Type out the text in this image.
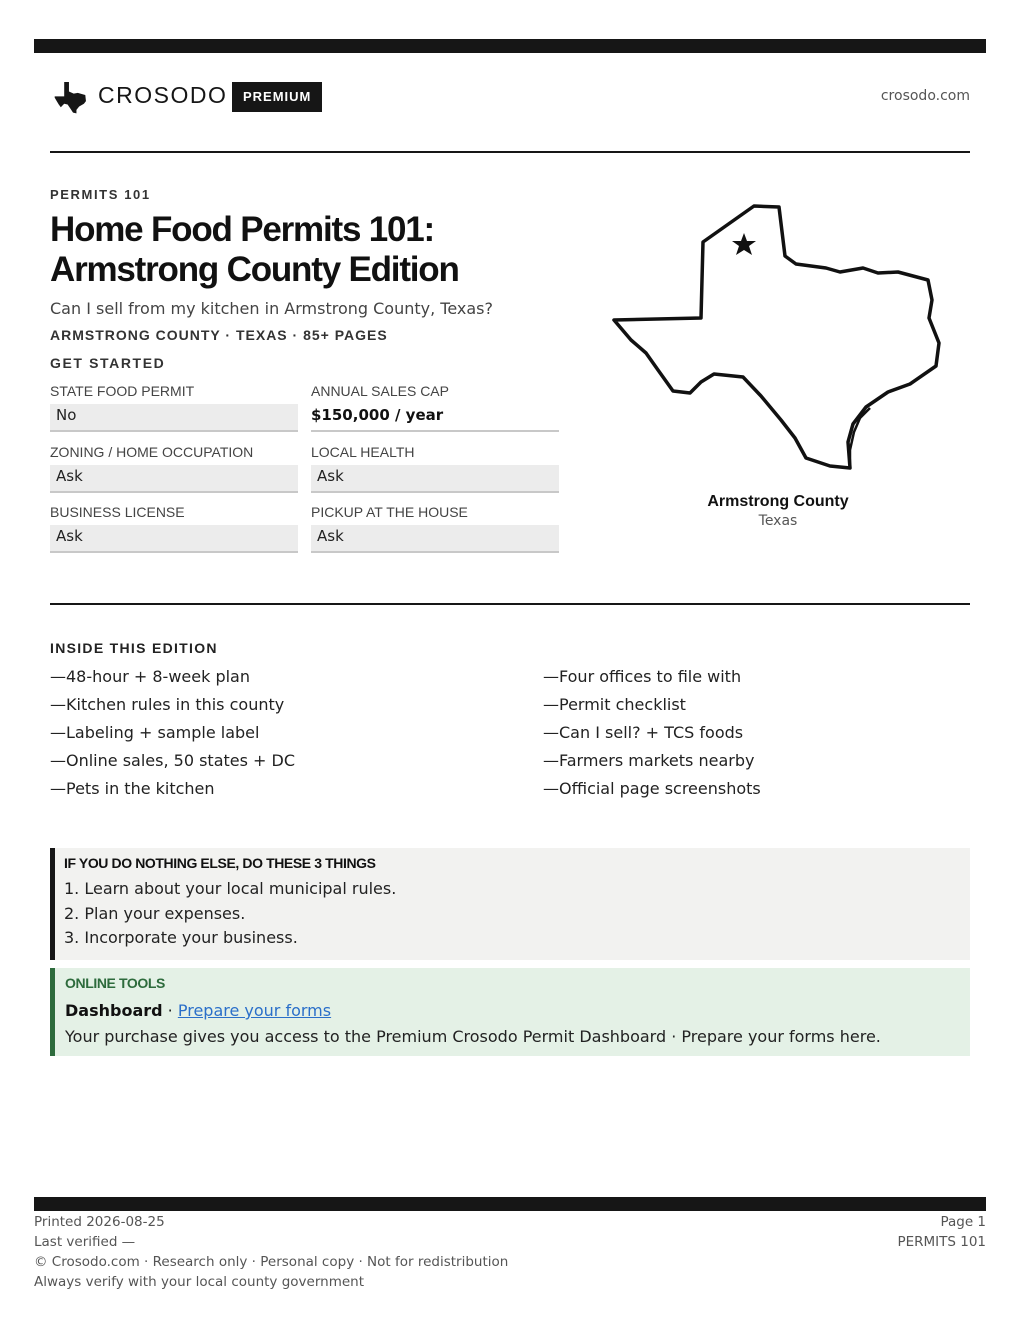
CROSODO	PREMIUM	crosodo.com
PERMITS 101
Home Food Permits 101:
Armstrong County Edition
Can I sell from my kitchen in Armstrong County, Texas?
ARMSTRONG COUNTY · TEXAS · 85+ PAGES
GET STARTED
STATE FOOD PERMIT
No
ANNUAL SALES CAP
$150,000 / year
ZONING / HOME OCCUPATION
Ask
LOCAL HEALTH
Ask
BUSINESS LICENSE
Ask
PICKUP AT THE HOUSE
Ask
Armstrong County
Texas
INSIDE THIS EDITION
—48-hour + 8-week plan
—Kitchen rules in this county
—Labeling + sample label
—Online sales, 50 states + DC
—Pets in the kitchen
—Four offices to file with
—Permit checklist
—Can I sell? + TCS foods
—Farmers markets nearby
—Official page screenshots
IF YOU DO NOTHING ELSE, DO THESE 3 THINGS
1. Learn about your local municipal rules.
2. Plan your expenses.
3. Incorporate your business.
ONLINE TOOLS
Dashboard · Prepare your forms
Your purchase gives you access to the Premium Crosodo Permit Dashboard · Prepare your forms here.
Printed 2026-08-25
Last verified —
© Crosodo.com · Research only · Personal copy · Not for redistribution
Always verify with your local county government
Page 1
PERMITS 101
